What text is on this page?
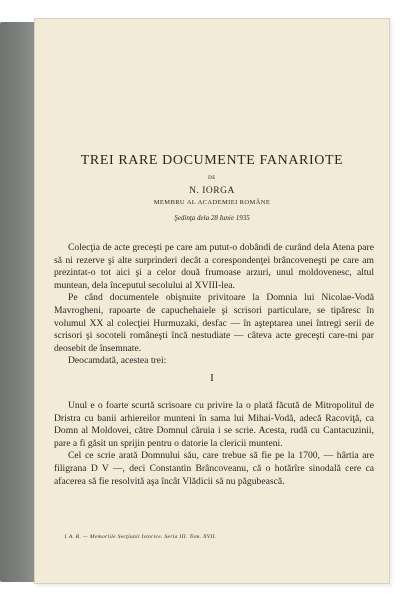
TREI RARE DOCUMENTE FANARIOTE
DE
N. IORGA
MEMBRU AL ACADEMIEI ROMÂNE
Şedinţa dela 28 Iunie 1935

Colecţia de acte greceşti pe care am putut-o dobândi de curând dela Atena pare să ni rezerve şi alte surprinderi decât a corespondenţei brâncoveneşti pe care am prezintat-o tot aici şi a celor două frumoase arzuri, unul moldovenesc, altul muntean, dela începutul secolului al XVIII-lea.

Pe când documentele obişnuite privitoare la Domnia lui Nicolae-Vodă Mavrogheni, rapoarte de capuchehaiele şi scrisori particulare, se tipăresc în volumul XX al colecţiei Hurmuzaki, desfac — în aşteptarea unei întregi serii de scrisori şi socoteli româneşti încă nestudiate — câteva acte greceşti care-mi par deosebit de însemnate.

Deocamdată, acestea trei:

I

Unul e o foarte scurtă scrisoare cu privire la o plată făcută de Mitropolitul de Dristra cu banii arhiereilor munteni în sama lui Mihai-Vodă, adecă Racoviţă, ca Domn al Moldovei, către Domnul căruia i se scrie. Acesta, rudă cu Cantacuzinii, pare a fi găsit un sprijin pentru o datorie la clericii munteni.

Cel ce scrie arată Domnului său, care trebue să fie pe la 1700, — hârtia are filigrana D V —, deci Constantin Brâncoveanu, că o hotărîre sinodală cere ca afacerea să fie resolvită aşa încât Vlădicii să nu păgubească.

1 A. R. — Memoriile Secţiunii Istorice. Seria III. Tom. XVII.
